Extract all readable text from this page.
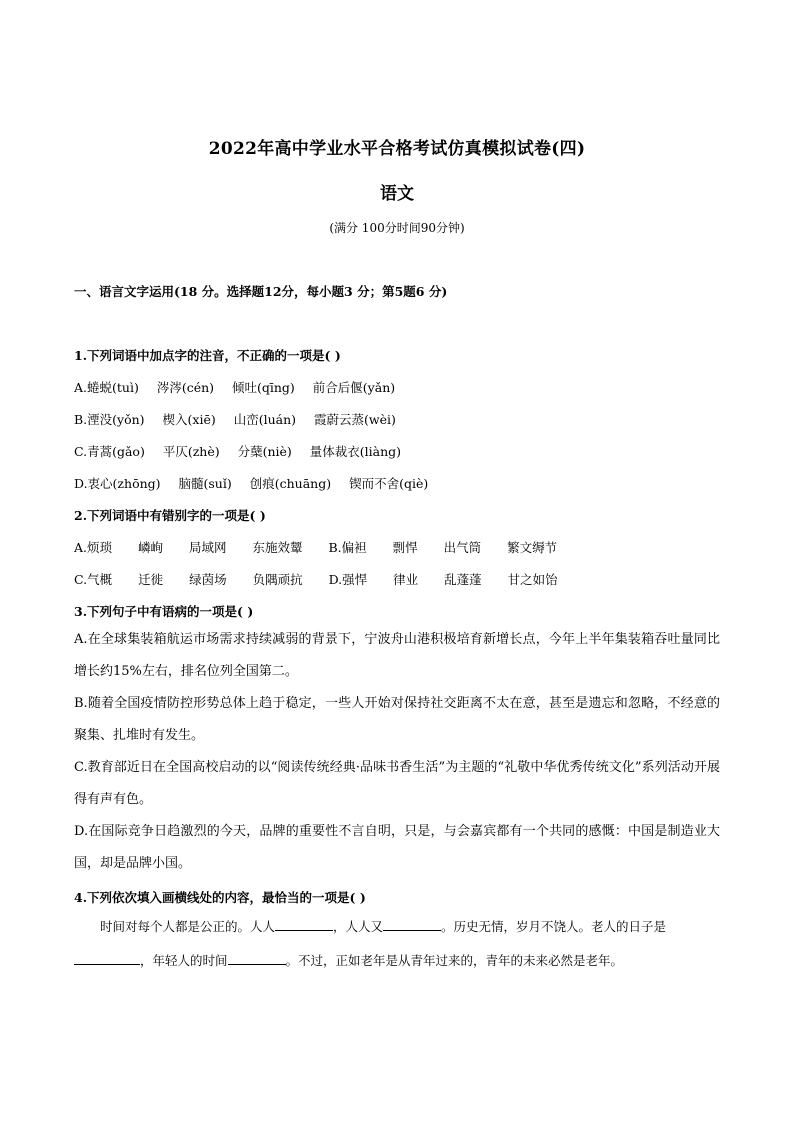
2022年高中学业水平合格考试仿真模拟试卷(四)
语文
(满分 100分时间90分钟)
一、语言文字运用(18 分。选择题12分，每小题3 分；第5题6 分)
1.下列词语中加点字的注音，不正确的一项是( )
A.蜷蜕(tuì) 涔涔(cén) 倾吐(qīng) 前合后偃(yǎn)
B.湮没(yǒn) 楔入(xiē) 山峦(luán) 霞蔚云蒸(wèi)
C.青蒿(gǎo) 平仄(zhè) 分蘖(niè) 量体裁衣(liàng)
D.衷心(zhōng) 脑髓(suǐ) 创痕(chuāng) 锲而不舍(qiè)
2.下列词语中有错别字的一项是( )
A.烦琐 嶙峋 局域网 东施效颦 B.偏袒 剽悍 出气筒 繁文缛节
C.气概 迁徙 绿茵场 负隅顽抗 D.强悍 律业 乱蓬蓬 甘之如饴
3.下列句子中有语病的一项是( )
A.在全球集装箱航运市场需求持续减弱的背景下，宁波舟山港积极培育新增长点，今年上半年集装箱吞吐量同比增长约15%左右，排名位列全国第二。
B.随着全国疫情防控形势总体上趋于稳定，一些人开始对保持社交距离不太在意，甚至是遗忘和忽略，不经意的聚集、扎堆时有发生。
C.教育部近日在全国高校启动的以“阅读传统经典·品味书香生活”为主题的“礼敬中华优秀传统文化”系列活动开展得有声有色。
D.在国际竞争日趋激烈的今天，品牌的重要性不言自明，只是，与会嘉宾都有一个共同的感慨：中国是制造业大国，却是品牌小国。
4.下列依次填入画横线处的内容，最恰当的一项是( )
时间对每个人都是公正的。人人	，人人又	。历史无情，岁月不饶人。老人的日子是
，年轻人的时间	。不过，正如老年是从青年过来的，青年的未来必然是老年。
